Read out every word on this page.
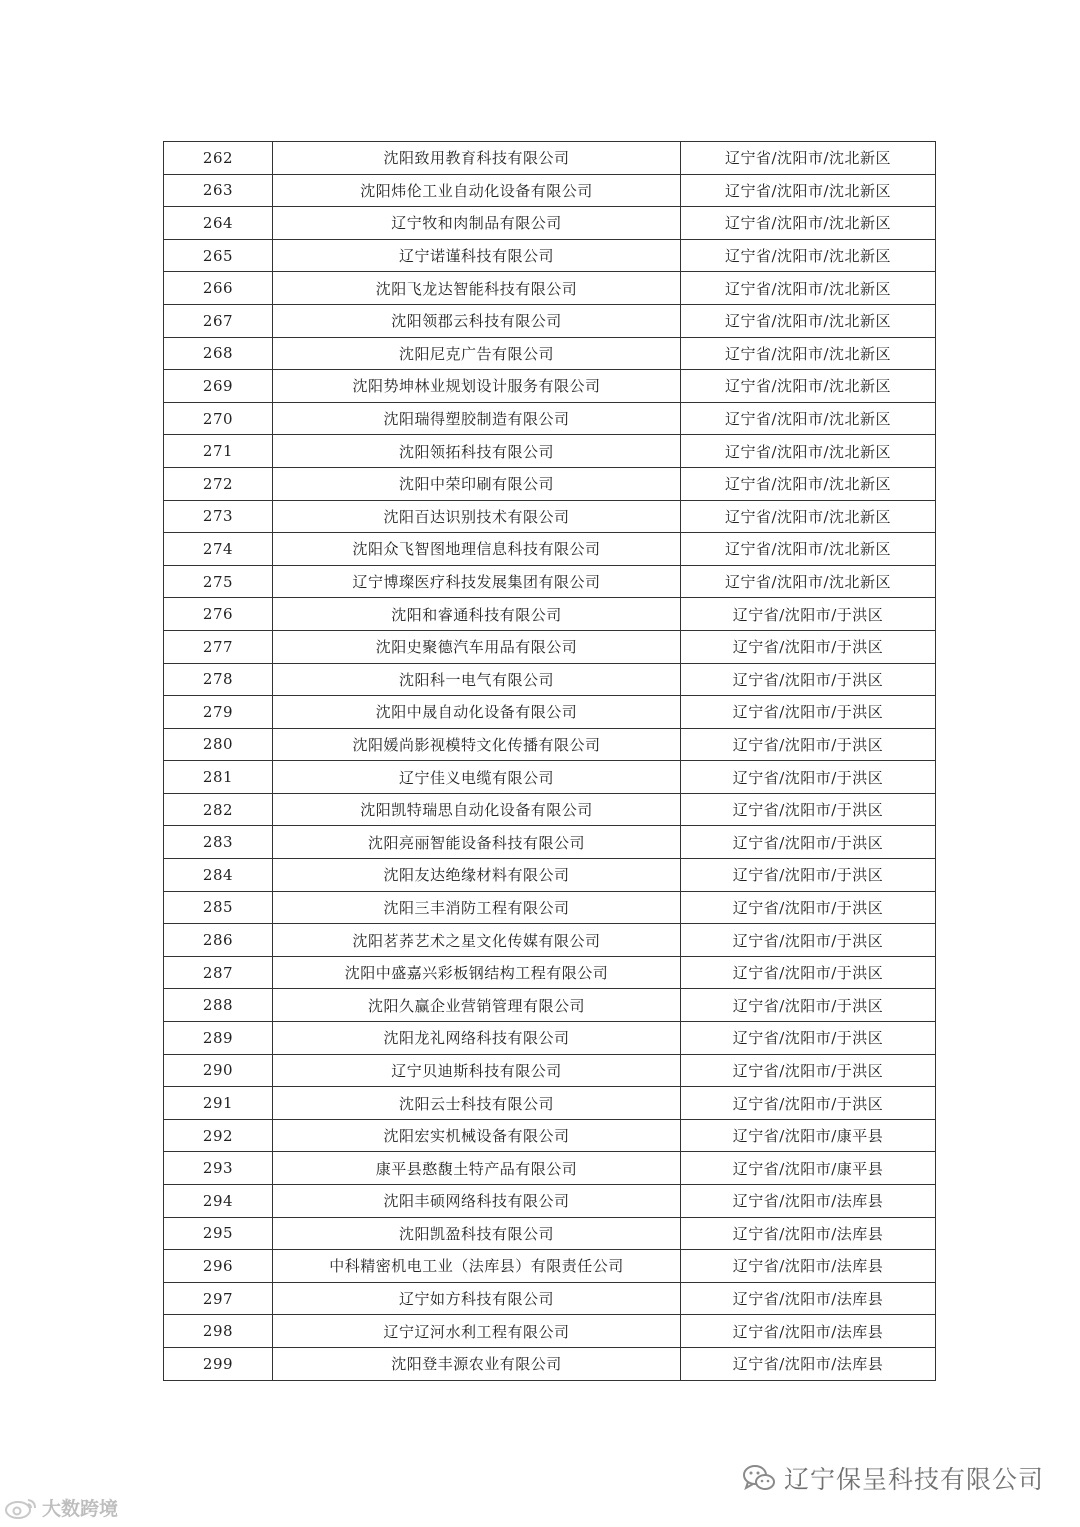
262	沈阳致用教育科技有限公司	辽宁省/沈阳市/沈北新区
263	沈阳炜伦工业自动化设备有限公司	辽宁省/沈阳市/沈北新区
264	辽宁牧和肉制品有限公司	辽宁省/沈阳市/沈北新区
265	辽宁诺谨科技有限公司	辽宁省/沈阳市/沈北新区
266	沈阳飞龙达智能科技有限公司	辽宁省/沈阳市/沈北新区
267	沈阳领郡云科技有限公司	辽宁省/沈阳市/沈北新区
268	沈阳尼克广告有限公司	辽宁省/沈阳市/沈北新区
269	沈阳势坤林业规划设计服务有限公司	辽宁省/沈阳市/沈北新区
270	沈阳瑞得塑胶制造有限公司	辽宁省/沈阳市/沈北新区
271	沈阳领拓科技有限公司	辽宁省/沈阳市/沈北新区
272	沈阳中荣印刷有限公司	辽宁省/沈阳市/沈北新区
273	沈阳百达识别技术有限公司	辽宁省/沈阳市/沈北新区
274	沈阳众飞智图地理信息科技有限公司	辽宁省/沈阳市/沈北新区
275	辽宁博璨医疗科技发展集团有限公司	辽宁省/沈阳市/沈北新区
276	沈阳和睿通科技有限公司	辽宁省/沈阳市/于洪区
277	沈阳史聚德汽车用品有限公司	辽宁省/沈阳市/于洪区
278	沈阳科一电气有限公司	辽宁省/沈阳市/于洪区
279	沈阳中晟自动化设备有限公司	辽宁省/沈阳市/于洪区
280	沈阳媛尚影视模特文化传播有限公司	辽宁省/沈阳市/于洪区
281	辽宁佳义电缆有限公司	辽宁省/沈阳市/于洪区
282	沈阳凯特瑞思自动化设备有限公司	辽宁省/沈阳市/于洪区
283	沈阳亮丽智能设备科技有限公司	辽宁省/沈阳市/于洪区
284	沈阳友达绝缘材料有限公司	辽宁省/沈阳市/于洪区
285	沈阳三丰消防工程有限公司	辽宁省/沈阳市/于洪区
286	沈阳茗荞艺术之星文化传媒有限公司	辽宁省/沈阳市/于洪区
287	沈阳中盛嘉兴彩板钢结构工程有限公司	辽宁省/沈阳市/于洪区
288	沈阳久赢企业营销管理有限公司	辽宁省/沈阳市/于洪区
289	沈阳龙礼网络科技有限公司	辽宁省/沈阳市/于洪区
290	辽宁贝迪斯科技有限公司	辽宁省/沈阳市/于洪区
291	沈阳云士科技有限公司	辽宁省/沈阳市/于洪区
292	沈阳宏实机械设备有限公司	辽宁省/沈阳市/康平县
293	康平县憨馥土特产品有限公司	辽宁省/沈阳市/康平县
294	沈阳丰硕网络科技有限公司	辽宁省/沈阳市/法库县
295	沈阳凯盈科技有限公司	辽宁省/沈阳市/法库县
296	中科精密机电工业（法库县）有限责任公司	辽宁省/沈阳市/法库县
297	辽宁如方科技有限公司	辽宁省/沈阳市/法库县
298	辽宁辽河水利工程有限公司	辽宁省/沈阳市/法库县
299	沈阳登丰源农业有限公司	辽宁省/沈阳市/法库县
大数跨境
辽宁保呈科技有限公司
